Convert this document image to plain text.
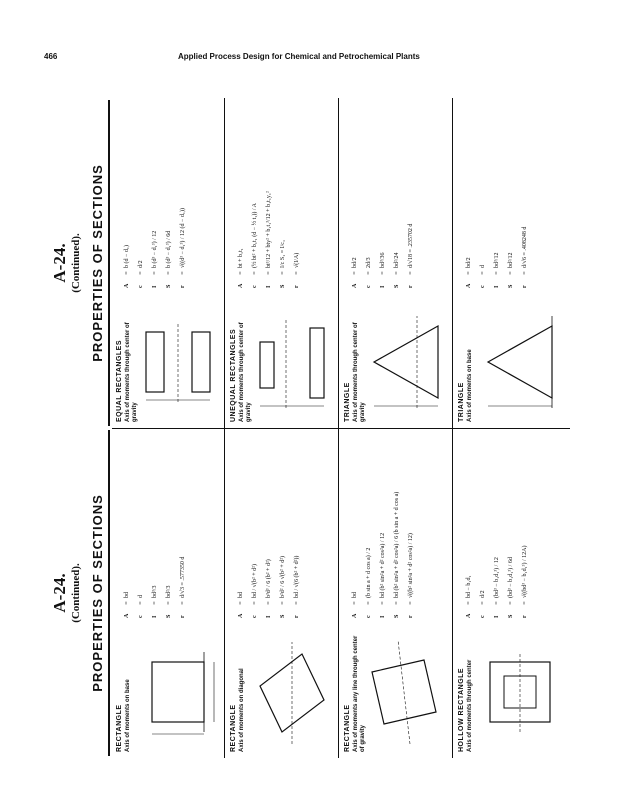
466	Applied Process Design for Chemical and Petrochemical Plants
A-24. (Continued). PROPERTIES OF SECTIONS
RECTANGLE Axis of moments on base
A
=
bd
c
=
d
I
=
bd³/3
S
=
bd²/3
r
=
d/√3 = .577350 d
RECTANGLE Axis of moments on diagonal
A
=
bd
c
=
bd / √(b² + d²)
I
=
b³d³ / 6 (b² + d²)
S
=
b²d² / 6 √(b² + d²)
r
=
bd / √(6 (b² + d²))
RECTANGLE Axis of moments any line through center of gravity
A
=
bd
c
=
(b sin a + d cos a) / 2
I
=
bd (b² sin²a + d² cos²a) / 12
S
=
bd (b² sin²a + d² cos²a) / 6 (b sin a + d cos a)
r
=
√((b² sin²a + d² cos²a) / 12)
HOLLOW RECTANGLE Axis of moments through center
A
=
bd − b₁d₁
c
=
d/2
I
=
(bd³ − b₁d₁³) / 12
S
=
(bd³ − b₁d₁³) / 6d
r
=
√((bd³ − b₁d₁³) / 12A)
A-24. (Continued). PROPERTIES OF SECTIONS
EQUAL RECTANGLES Axis of moments through center of gravity
A
=
b (d − d₁)
c
=
d/2
I
=
b (d³ − d₁³) / 12
S
=
b (d³ − d₁³) / 6d
r
=
√((d³ − d₁³) / 12 (d − d₁))
UNEQUAL RECTANGLES Axis of moments through center of gravity
A
=
bt + b₁t₁
c
=
(½ bt² + b₁t₁ (d − ½ t₁)) / A
I
=
bt³/12 + bty² + b₁t₁³/12 + b₁t₁y₁²
S
=
I/c S₁ = I/c₁
r
=
√(I/A)
TRIANGLE Axis of moments through center of gravity
A
=
bd/2
c
=
2d/3
I
=
bd³/36
S
=
bd²/24
r
=
d/√18 = .235702 d
TRIANGLE Axis of moments on base
A
=
bd/2
c
=
d
I
=
bd³/12
S
=
bd²/12
r
=
d/√6 = .408248 d
